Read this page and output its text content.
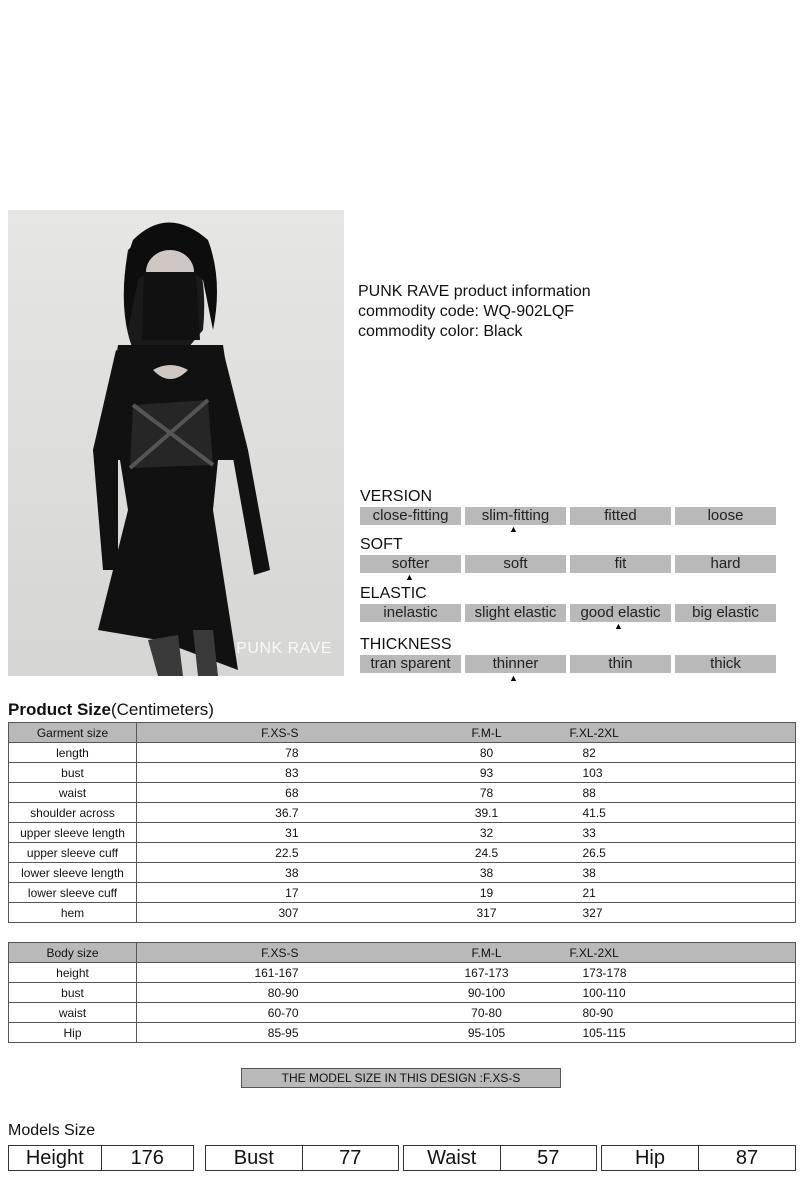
PUNK RAVE
PUNK RAVE product information
commodity code: WQ-902LQF
commodity color: Black
VERSION
close-fitting	slim-fitting	fitted	loose
▲
SOFT
softer	soft	fit	hard
▲
ELASTIC
inelastic	slight elastic	good elastic	big elastic
▲
THICKNESS
tran sparent	thinner	thin	thick
▲
Product Size(Centimeters)
Garment size	F.XS-S	F.M-L	F.XL-2XL
length	78	80	82
bust	83	93	103
waist	68	78	88
shoulder across	36.7	39.1	41.5
upper sleeve length	31	32	33
upper sleeve cuff	22.5	24.5	26.5
lower sleeve length	38	38	38
lower sleeve cuff	17	19	21
hem	307	317	327
Body size	F.XS-S	F.M-L	F.XL-2XL
height	161-167	167-173	173-178
bust	80-90	90-100	100-110
waist	60-70	70-80	80-90
Hip	85-95	95-105	105-115
THE MODEL SIZE IN THIS DESIGN :F.XS-S
Models Size
Height	176	Bust	77	Waist	57	Hip	87
